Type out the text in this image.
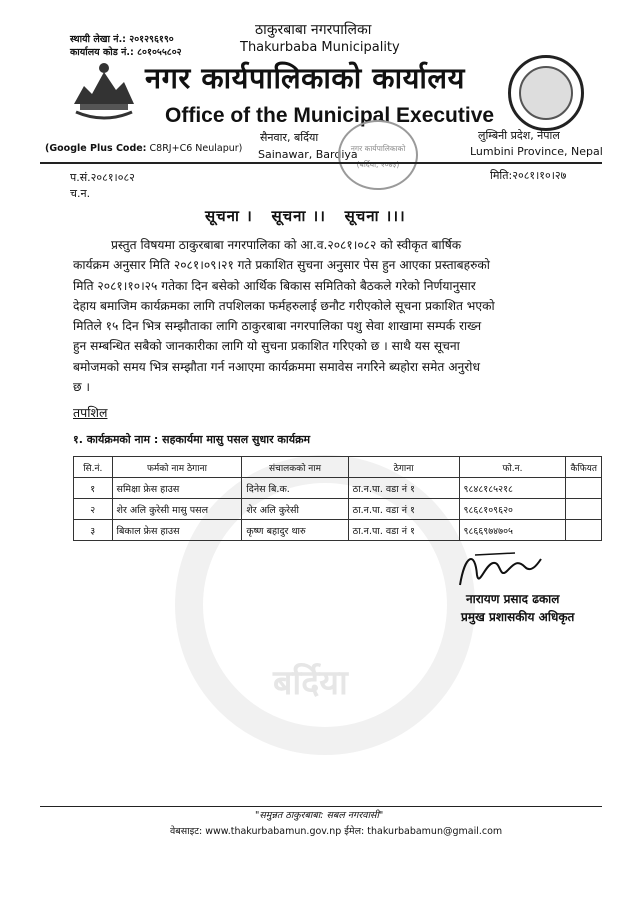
बर्दिया
स्थायी लेखा नं.: २०१२९६१९०
कार्यालय कोड नं.: ८०१०५५८०२
ठाकुरबाबा नगरपालिका
Thakurbaba Municipality
नगर कार्यपालिकाको कार्यालय
Office of the Municipal Executive
(Google Plus Code: C8RJ+C6 Neulapur)
सैनवार, बर्दिया
Sainawar, Bardiya
लुम्बिनी प्रदेश, नेपाल
Lumbini Province, Nepal
नगर कार्यपालिकाको
(बर्दिया, २०७३)
प.सं.२०८१।०८२
च.न.
मिति:२०८१।१०।२७
सूचना ।   सूचना ।।   सूचना ।।।
प्रस्तुत विषयमा ठाकुरबाबा नगरपालिका को आ.व.२०८१।०८२ को स्वीकृत बार्षिक
कार्यक्रम अनुसार मिति २०८१।०९।२१ गते प्रकाशित सुचना अनुसार पेस हुन आएका प्रस्ताबहरुको
मिति २०८१।१०।२५ गतेका दिन बसेको आर्थिक बिकास समितिको बैठकले गरेको निर्णयानुसार
देहाय बमाजिम कार्यक्रमका लागि तपशिलका फर्महरुलाई छनौट गरीएकोले सूचना प्रकाशित भएको
मितिले १५ दिन भित्र सम्झौताका लागि ठाकुरबाबा नगरपालिका पशु सेवा शाखामा सम्पर्क राख्न
हुन सम्बन्धित सबैको जानकारीका लागि यो सुचना प्रकाशित गरिएको छ । साथै यस सूचना
बमोजमको समय भित्र सम्झौता गर्न नआएमा कार्यक्रममा समावेस नगरिने ब्यहोरा समेत अनुरोध
छ ।
तपशिल
१. कार्यक्रमको नाम : सहकार्यमा मासु पसल सुधार कार्यक्रम
सि.नं.	फर्मको नाम ठेगाना	संचालकको नाम	ठेगाना	फो.न.	कैफियत
१	समिक्षा फ्रेस हाउस	दिनेस बि.क.	ठा.न.पा. वडा नं १	९८४८१८५२१८	
२	शेर अलि कुरेसी मासु पसल	शेर अलि कुरेसी	ठा.न.पा. वडा नं १	९८६८१०९६२०	
३	बिकाल फ्रेस हाउस	कृष्ण बहादुर थारु	ठा.न.पा. वडा नं १	९८६६९७४७०५	
नारायण प्रसाद ढकाल
प्रमुख प्रशासकीय अधिकृत
"समुन्नत ठाकुरबाबा: सबल नगरवासी"
वेबसाइट: www.thakurbabamun.gov.np ईमेल: thakurbabamun@gmail.com
